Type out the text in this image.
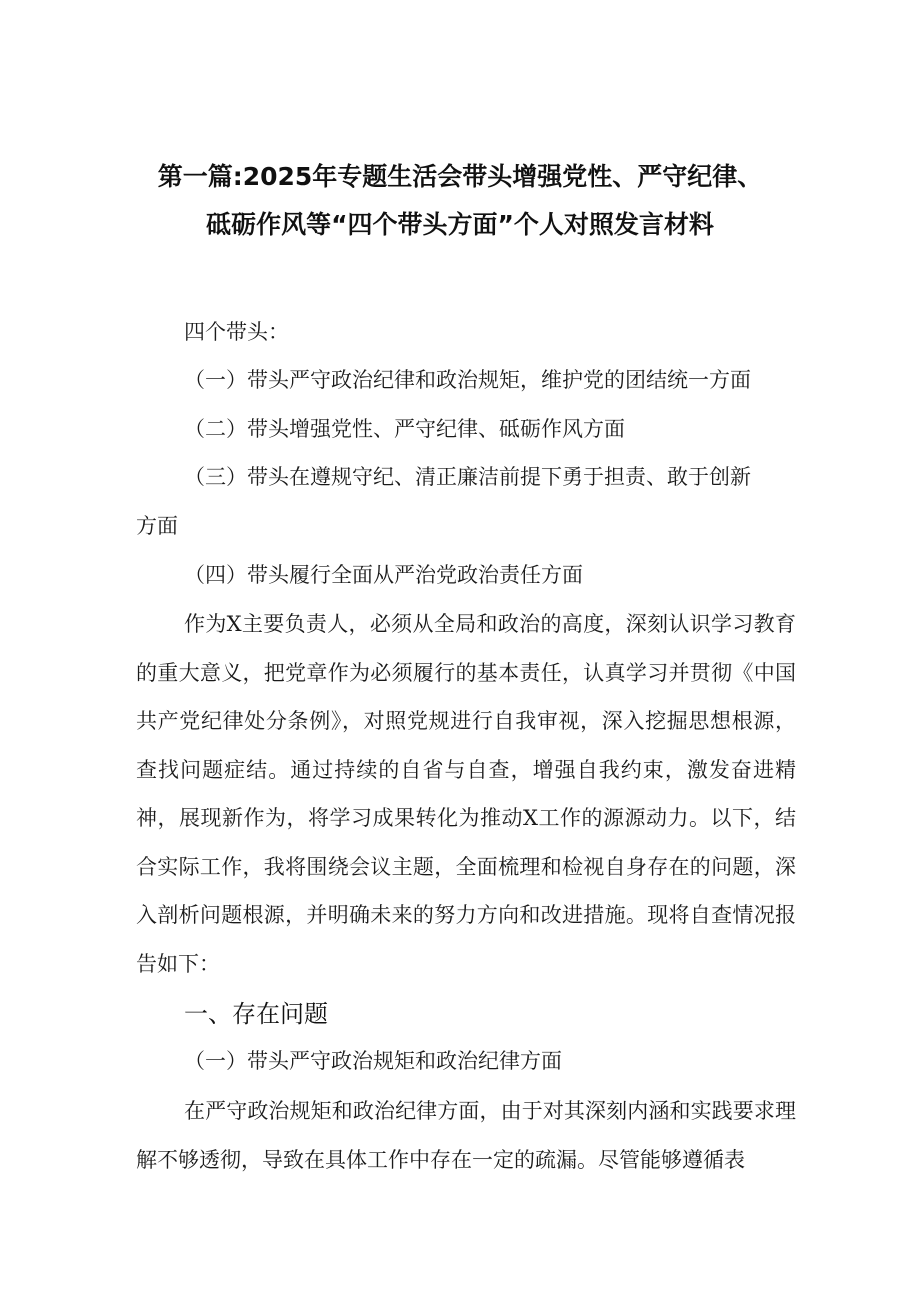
第一篇:2025年专题生活会带头增强党性、严守纪律、
砥砺作风等“四个带头方面”个人对照发言材料
四个带头：
（一）带头严守政治纪律和政治规矩，维护党的团结统一方面
（二）带头增强党性、严守纪律、砥砺作风方面
（三）带头在遵规守纪、清正廉洁前提下勇于担责、敢于创新
方面
（四）带头履行全面从严治党政治责任方面
作为X主要负责人，必须从全局和政治的高度，深刻认识学习教育的重大意义，把党章作为必须履行的基本责任，认真学习并贯彻《中国共产党纪律处分条例》，对照党规进行自我审视，深入挖掘思想根源，查找问题症结。通过持续的自省与自查，增强自我约束，激发奋进精神，展现新作为，将学习成果转化为推动X工作的源源动力。以下，结合实际工作，我将围绕会议主题，全面梳理和检视自身存在的问题，深入剖析问题根源，并明确未来的努力方向和改进措施。现将自查情况报告如下：
一、存在问题
（一）带头严守政治规矩和政治纪律方面
在严守政治规矩和政治纪律方面，由于对其深刻内涵和实践要求理解不够透彻，导致在具体工作中存在一定的疏漏。尽管能够遵循表
